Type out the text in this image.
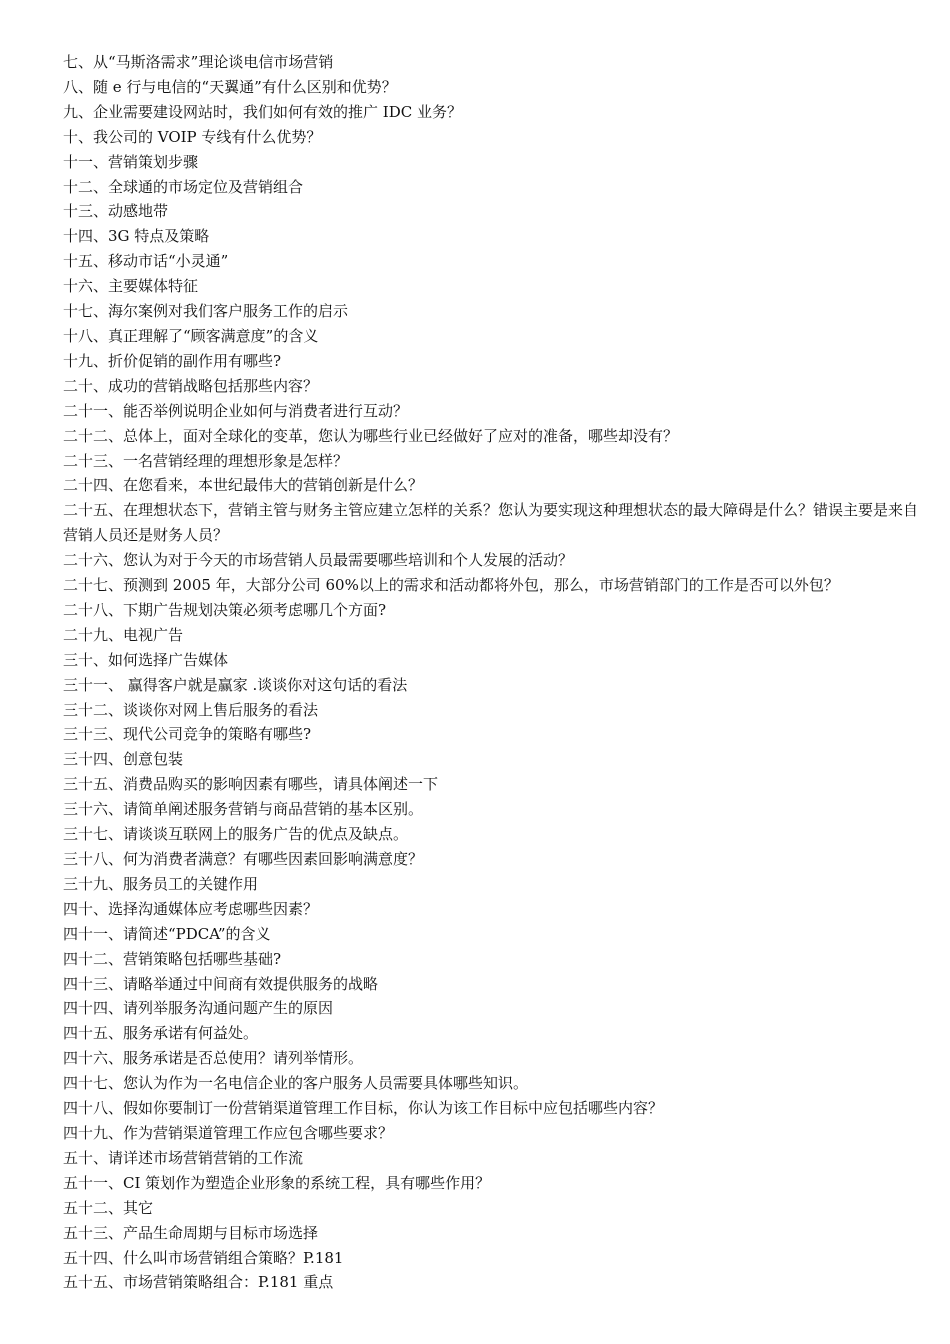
七、从“马斯洛需求”理论谈电信市场营销

八、随 e 行与电信的“天翼通”有什么区别和优势？

九、企业需要建设网站时，我们如何有效的推广 IDC 业务？

十、我公司的 VOIP 专线有什么优势？

十一、营销策划步骤

十二、全球通的市场定位及营销组合

十三、动感地带

十四、3G 特点及策略

十五、移动市话“小灵通”

十六、主要媒体特征

十七、海尔案例对我们客户服务工作的启示

十八、真正理解了“顾客满意度”的含义

十九、折价促销的副作用有哪些?

二十、成功的营销战略包括那些内容？

二十一、能否举例说明企业如何与消费者进行互动？

二十二、总体上，面对全球化的变革，您认为哪些行业已经做好了应对的准备，哪些却没有？

二十三、一名营销经理的理想形象是怎样？

二十四、在您看来，本世纪最伟大的营销创新是什么？

二十五、在理想状态下，营销主管与财务主管应建立怎样的关系？您认为要实现这种理想状态的最大障碍是什么？错误主要是来自营销人员还是财务人员？

二十六、您认为对于今天的市场营销人员最需要哪些培训和个人发展的活动？

二十七、预测到 2005 年，大部分公司 60%以上的需求和活动都将外包，那么，市场营销部门的工作是否可以外包？

二十八、下期广告规划决策必须考虑哪几个方面?

二十九、电视广告

三十、如何选择广告媒体

三十一、 赢得客户就是赢家 .谈谈你对这句话的看法

三十二、谈谈你对网上售后服务的看法

三十三、现代公司竞争的策略有哪些?

三十四、创意包装

三十五、消费品购买的影响因素有哪些，请具体阐述一下

三十六、请简单阐述服务营销与商品营销的基本区别。

三十七、请谈谈互联网上的服务广告的优点及缺点。

三十八、何为消费者满意？有哪些因素回影响满意度？

三十九、服务员工的关键作用

四十、选择沟通媒体应考虑哪些因素？

四十一、请简述“PDCA”的含义

四十二、营销策略包括哪些基础?

四十三、请略举通过中间商有效提供服务的战略

四十四、请列举服务沟通问题产生的原因

四十五、服务承诺有何益处。

四十六、服务承诺是否总使用？请列举情形。

四十七、您认为作为一名电信企业的客户服务人员需要具体哪些知识。

四十八、假如你要制订一份营销渠道管理工作目标，你认为该工作目标中应包括哪些内容？

四十九、作为营销渠道管理工作应包含哪些要求？

五十、请详述市场营销营销的工作流

五十一、CI 策划作为塑造企业形象的系统工程，具有哪些作用？

五十二、其它

五十三、产品生命周期与目标市场选择

五十四、什么叫市场营销组合策略？P.181

五十五、市场营销策略组合：P.181 重点
